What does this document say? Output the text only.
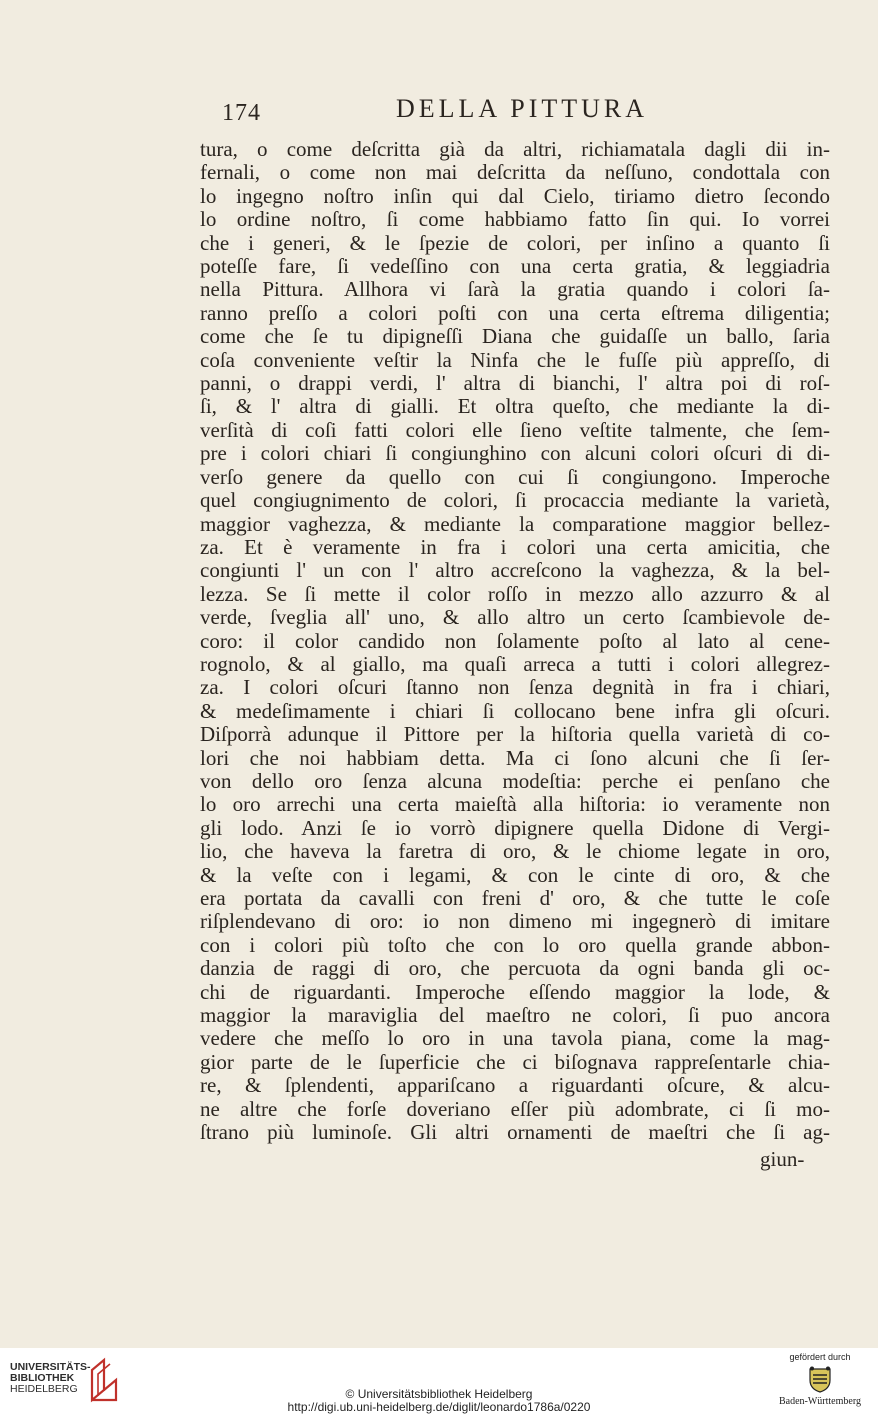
174	DELLA PITTURA
tura, o come deſcritta già da altri, richiamatala dagli dii in-
fernali, o come non mai deſcritta da neſſuno, condottala con
lo ingegno noſtro inſin qui dal Cielo, tiriamo dietro ſecondo
lo ordine noſtro, ſi come habbiamo fatto ſin qui. Io vorrei
che i generi, & le ſpezie de colori, per inſino a quanto ſi
poteſſe fare, ſi vedeſſino con una certa gratia, & leggiadria
nella Pittura. Allhora vi ſarà la gratia quando i colori ſa-
ranno preſſo a colori poſti con una certa eſtrema diligentia;
come che ſe tu dipigneſſi Diana che guidaſſe un ballo, ſaria
coſa conveniente veſtir la Ninfa che le fuſſe più appreſſo, di
panni, o drappi verdi, l' altra di bianchi, l' altra poi di roſ-
ſi, & l' altra di gialli. Et oltra queſto, che mediante la di-
verſità di coſi fatti colori elle ſieno veſtite talmente, che ſem-
pre i colori chiari ſi congiunghino con alcuni colori oſcuri di di-
verſo genere da quello con cui ſi congiungono. Imperoche
quel congiugnimento de colori, ſi procaccia mediante la varietà,
maggior vaghezza, & mediante la comparatione maggior bellez-
za. Et è veramente in fra i colori una certa amicitia, che
congiunti l' un con l' altro accreſcono la vaghezza, & la bel-
lezza. Se ſi mette il color roſſo in mezzo allo azzurro & al
verde, ſveglia all' uno, & allo altro un certo ſcambievole de-
coro: il color candido non ſolamente poſto al lato al cene-
rognolo, & al giallo, ma quaſi arreca a tutti i colori allegrez-
za. I colori oſcuri ſtanno non ſenza degnità in fra i chiari,
& medeſimamente i chiari ſi collocano bene infra gli oſcuri.
Diſporrà adunque il Pittore per la hiſtoria quella varietà di co-
lori che noi habbiam detta. Ma ci ſono alcuni che ſi ſer-
von dello oro ſenza alcuna modeſtia: perche ei penſano che
lo oro arrechi una certa maieſtà alla hiſtoria: io veramente non
gli lodo. Anzi ſe io vorrò dipignere quella Didone di Vergi-
lio, che haveva la faretra di oro, & le chiome legate in oro,
& la veſte con i legami, & con le cinte di oro, & che
era portata da cavalli con freni d' oro, & che tutte le coſe
riſplendevano di oro: io non dimeno mi ingegnerò di imitare
con i colori più toſto che con lo oro quella grande abbon-
danzia de raggi di oro, che percuota da ogni banda gli oc-
chi de riguardanti. Imperoche eſſendo maggior la lode, &
maggior la maraviglia del maeſtro ne colori, ſi puo ancora
vedere che meſſo lo oro in una tavola piana, come la mag-
gior parte de le ſuperficie che ci biſognava rappreſentarle chia-
re, & ſplendenti, appariſcano a riguardanti oſcure, & alcu-
ne altre che forſe doveriano eſſer più adombrate, ci ſi mo-
ſtrano più luminoſe. Gli altri ornamenti de maeſtri che ſi ag-
giun-
UNIVERSITÄTS-
BIBLIOTHEK
HEIDELBERG	© Universitätsbibliothek Heidelberg
http://digi.ub.uni-heidelberg.de/diglit/leonardo1786a/0220
gefördert durch
Baden-Württemberg
